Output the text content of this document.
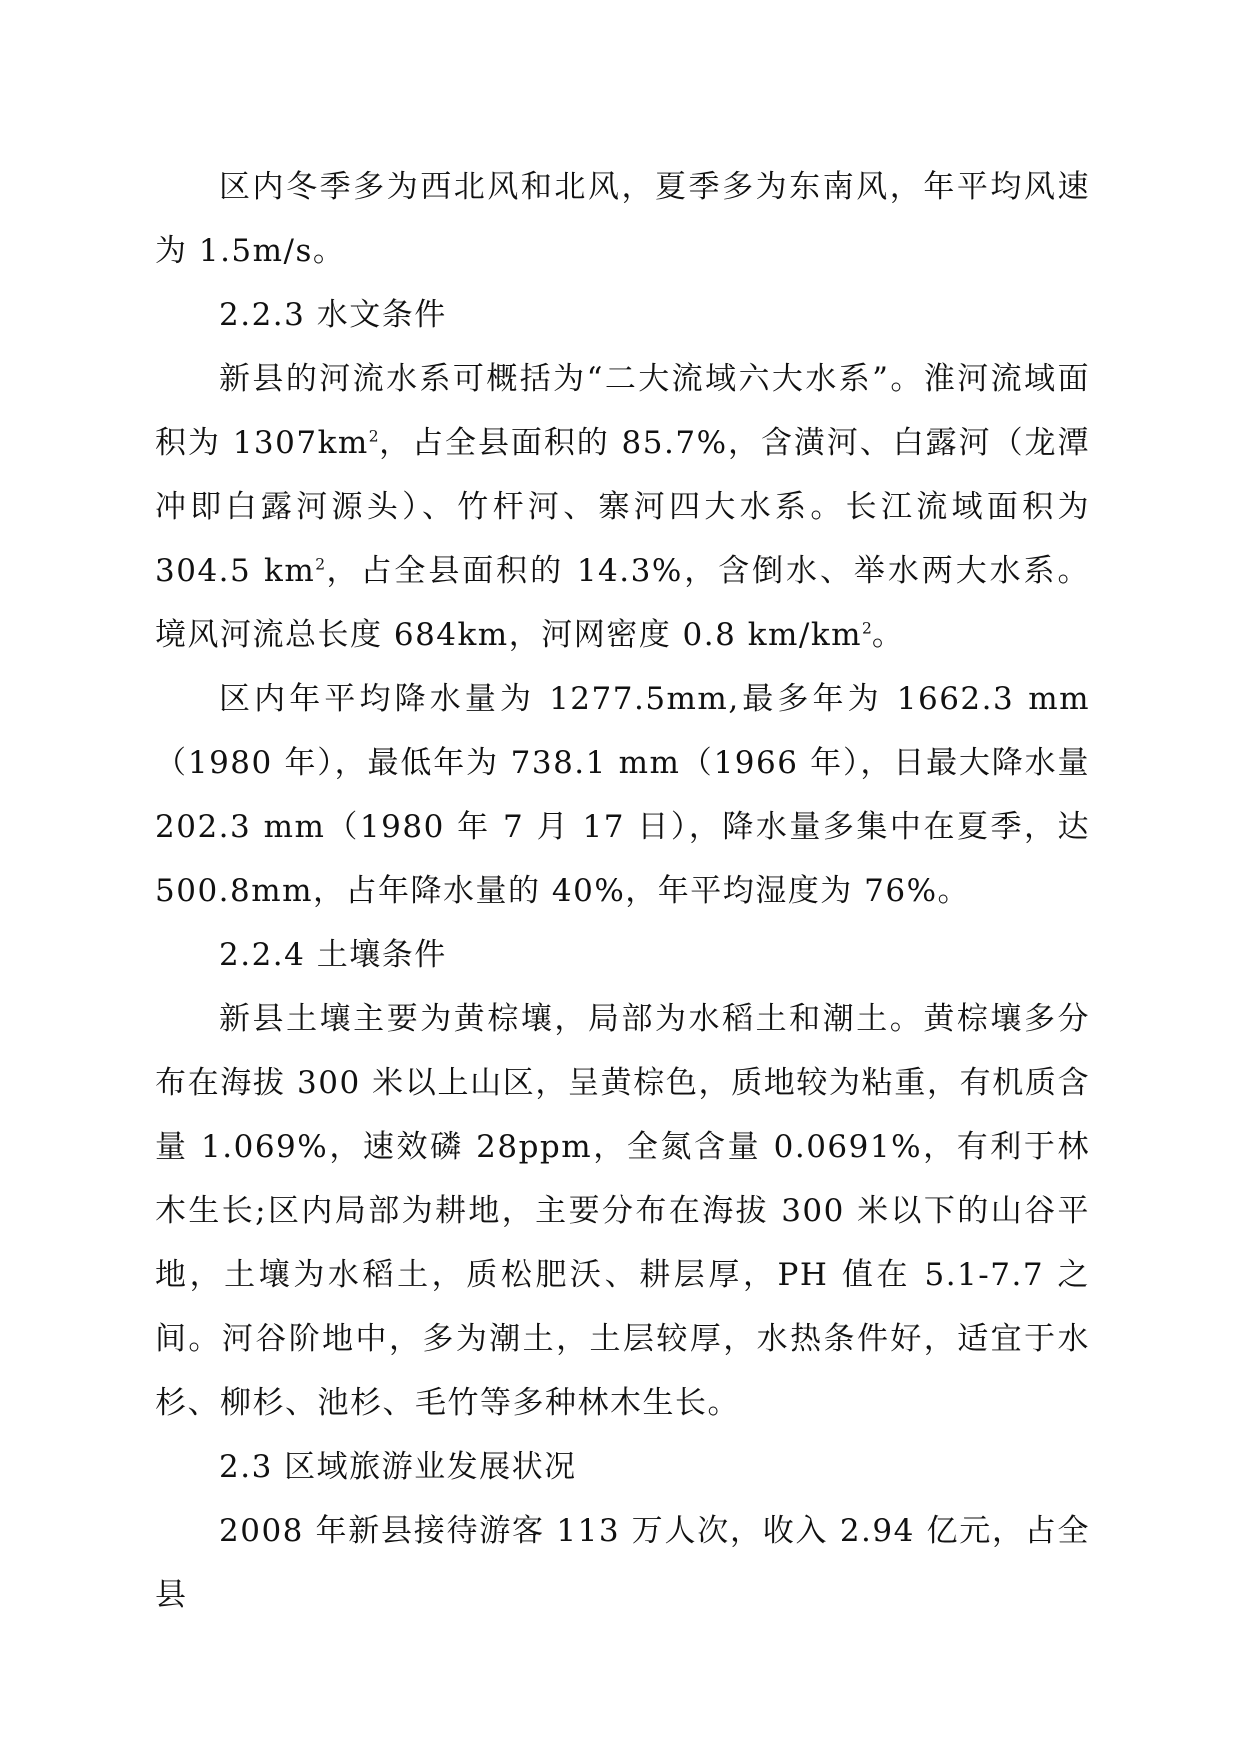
区内冬季多为西北风和北风，夏季多为东南风，年平均风速为 1.5m/s。

2.2.3 水文条件

新县的河流水系可概括为“二大流域六大水系”。淮河流域面积为 $1307km^2$，占全县面积的 85.7%，含潢河、白露河（龙潭冲即白露河源头）、竹杆河、寨河四大水系。长江流域面积为 304.5 $km^2$，占全县面积的 14.3%，含倒水、举水两大水系。境风河流总长度 684km，河网密度 0.8 $km/km^2$。

区内年平均降水量为 1277.5mm,最多年为 1662.3 mm（1980 年），最低年为 738.1 mm（1966 年），日最大降水量 202.3 mm（1980 年 7 月 17 日），降水量多集中在夏季，达 500.8mm，占年降水量的 40%，年平均湿度为 76%。

2.2.4 土壤条件

新县土壤主要为黄棕壤，局部为水稻土和潮土。黄棕壤多分布在海拔 300 米以上山区，呈黄棕色，质地较为粘重，有机质含量 1.069%，速效磷 28ppm，全氮含量 0.0691%，有利于林木生长;区内局部为耕地，主要分布在海拔 300 米以下的山谷平地，土壤为水稻土，质松肥沃、耕层厚，PH 值在 5.1-7.7 之间。河谷阶地中，多为潮土，土层较厚，水热条件好，适宜于水杉、柳杉、池杉、毛竹等多种林木生长。

2.3 区域旅游业发展状况

2008 年新县接待游客 113 万人次，收入 2.94 亿元，占全县
